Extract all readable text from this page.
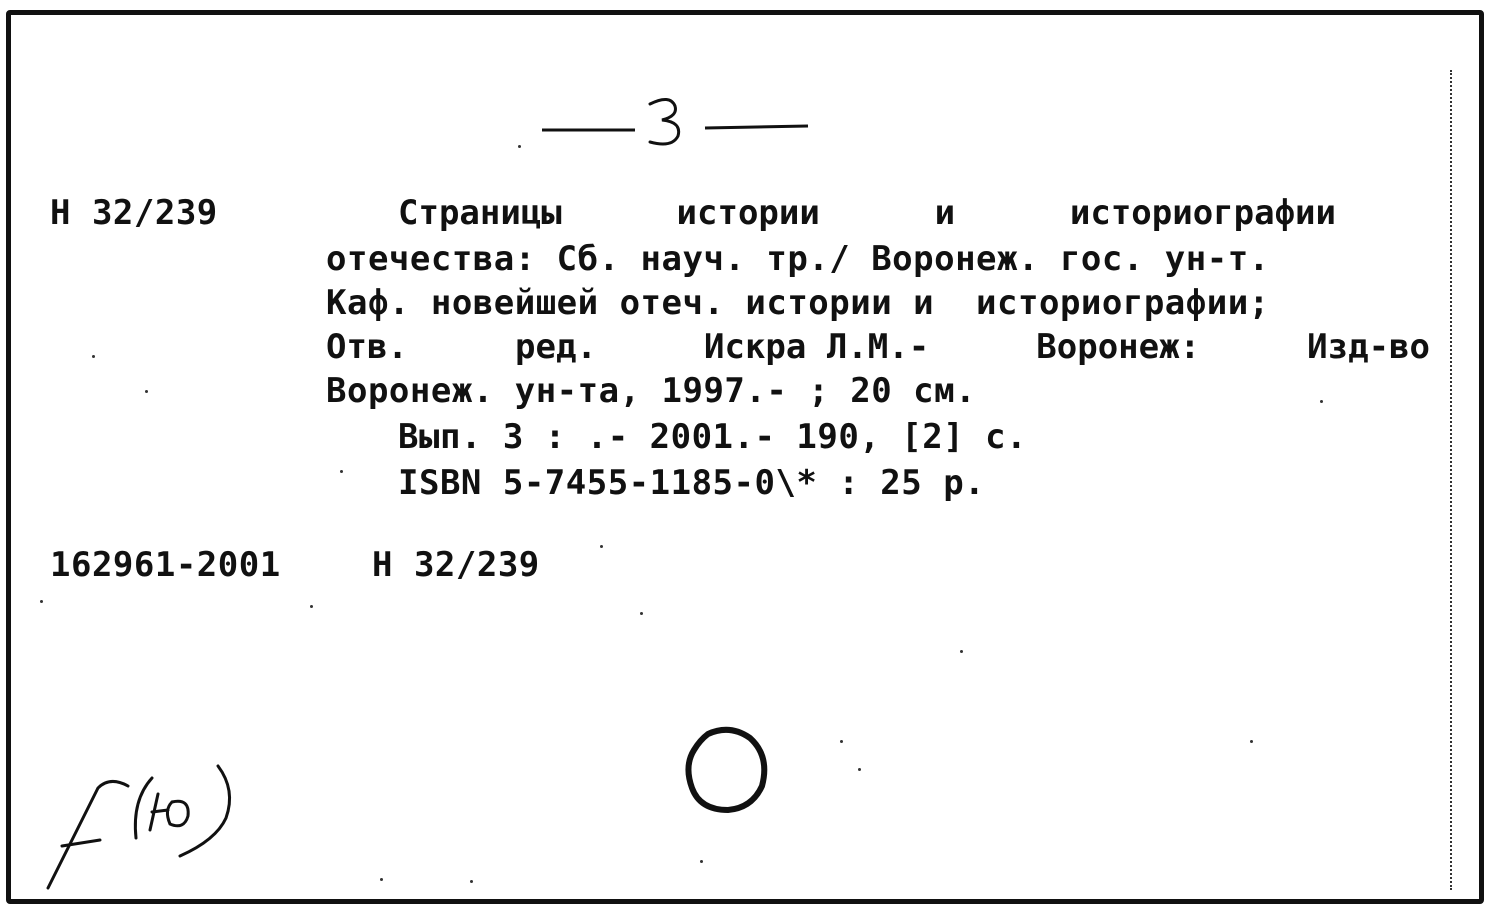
Н 32/239	Страницы	истории	и	историографии
отечества: Сб. науч. тр./ Воронеж. гос. ун-т.
Каф. новейшей отеч. истории и  историографии;
Отв.	ред.	Искра Л.М.-	Воронеж:	Изд-во
Воронеж. ун-та, 1997.- ; 20 см.
Вып. 3 : .- 2001.- 190, [2] с.
ISBN 5-7455-1185-0\* : 25 р.
162961-2001	Н 32/239
